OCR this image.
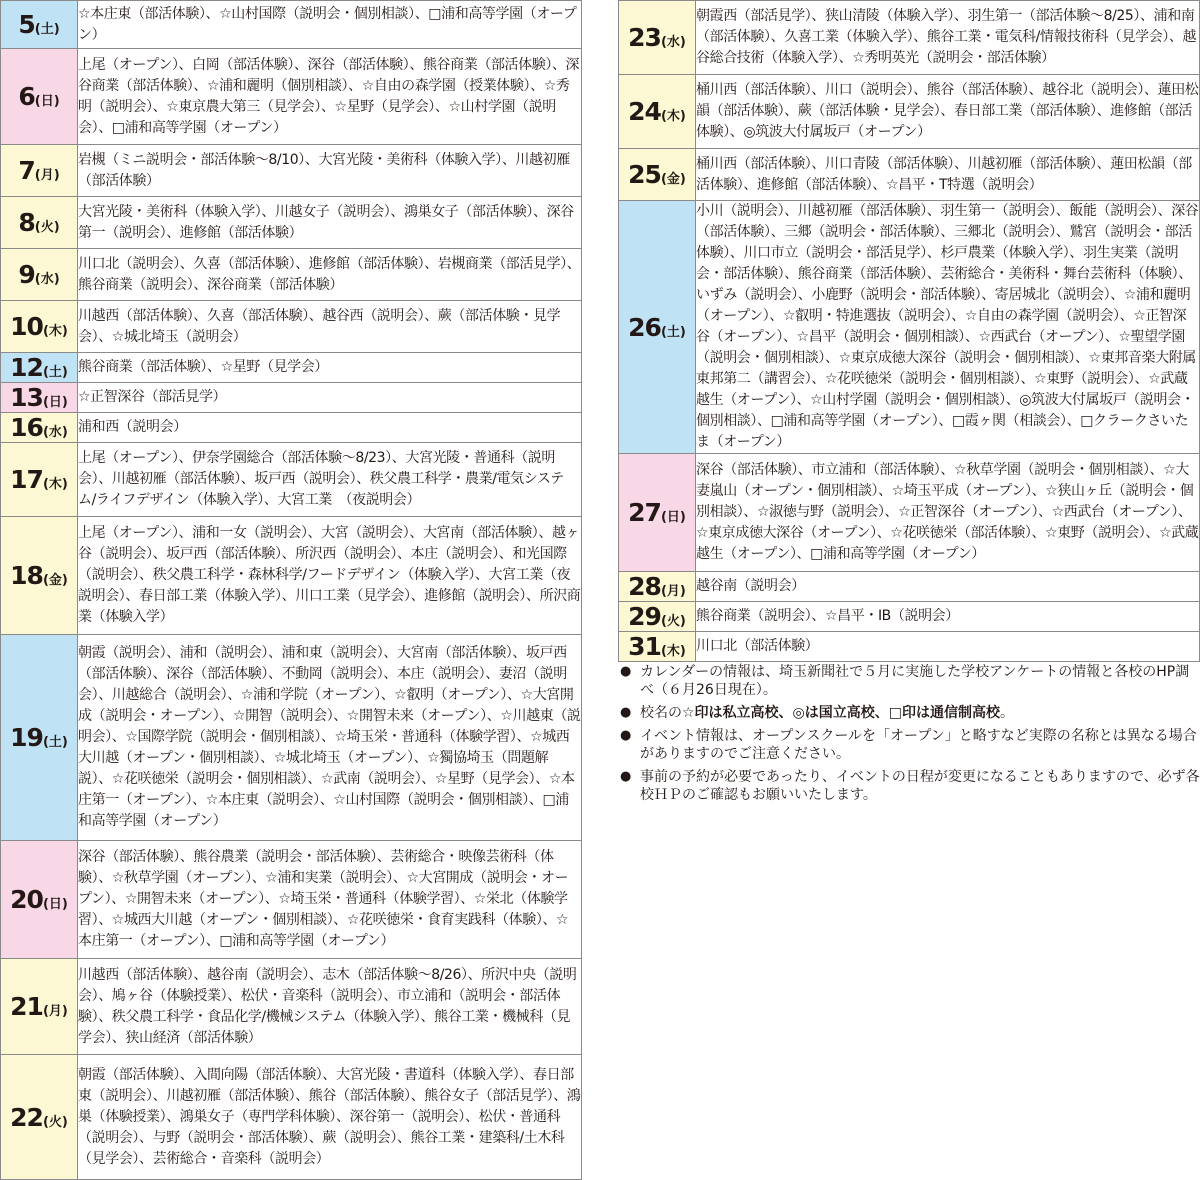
5(土)	☆本庄東（部活体験）、☆山村国際（説明会・個別相談）、□浦和高等学園（オープン）
6(日)	上尾（オープン）、白岡（部活体験）、深谷（部活体験）、熊谷商業（部活体験）、深谷商業（部活体験）、☆浦和麗明（個別相談）、☆自由の森学園（授業体験）、☆秀明（説明会）、☆東京農大第三（見学会）、☆星野（見学会）、☆山村学園（説明会）、□浦和高等学園（オープン）
7(月)	岩槻（ミニ説明会・部活体験～8/10）、大宮光陵・美術科（体験入学）、川越初雁（部活体験）
8(火)	大宮光陵・美術科（体験入学）、川越女子（説明会）、鴻巣女子（部活体験）、深谷第一（説明会）、進修館（部活体験）
9(水)	川口北（説明会）、久喜（部活体験）、進修館（部活体験）、岩槻商業（部活見学）、熊谷商業（説明会）、深谷商業（部活体験）
10(木)	川越西（部活体験）、久喜（部活体験）、越谷西（説明会）、蕨（部活体験・見学会）、☆城北埼玉（説明会）
12(土)	熊谷商業（部活体験）、☆星野（見学会）
13(日)	☆正智深谷（部活見学）
16(水)	浦和西（説明会）
17(木)	上尾（オープン）、伊奈学園総合（部活体験～8/23）、大宮光陵・普通科（説明会）、川越初雁（部活体験）、坂戸西（説明会）、秩父農工科学・農業/電気システム/ライフデザイン（体験入学）、大宮工業　（夜説明会）
18(金)	上尾（オープン）、浦和一女（説明会）、大宮（説明会）、大宮南（部活体験）、越ヶ谷（説明会）、坂戸西（部活体験）、所沢西（説明会）、本庄（説明会）、和光国際（説明会）、秩父農工科学・森林科学/フードデザイン（体験入学）、大宮工業（夜説明会）、春日部工業（体験入学）、川口工業（見学会）、進修館（説明会）、所沢商業（体験入学）
19(土)	朝霞（説明会）、浦和（説明会）、浦和東（説明会）、大宮南（部活体験）、坂戸西（部活体験）、深谷（部活体験）、不動岡（説明会）、本庄（説明会）、妻沼（説明会）、川越総合（説明会）、☆浦和学院（オープン）、☆叡明（オープン）、☆大宮開成（説明会・オープン）、☆開智（説明会）、☆開智未来（オープン）、☆川越東（説明会）、☆国際学院（説明会・個別相談）、☆埼玉栄・普通科（体験学習）、☆城西大川越（オープン・個別相談）、☆城北埼玉（オープン）、☆獨協埼玉（問題解説）、☆花咲徳栄（説明会・個別相談）、☆武南（説明会）、☆星野（見学会）、☆本庄第一（オープン）、☆本庄東（説明会）、☆山村国際（説明会・個別相談）、□浦和高等学園（オープン）
20(日)	深谷（部活体験）、熊谷農業（説明会・部活体験）、芸術総合・映像芸術科（体験）、☆秋草学園（オープン）、☆浦和実業（説明会）、☆大宮開成（説明会・オープン）、☆開智未来（オープン）、☆埼玉栄・普通科（体験学習）、☆栄北（体験学習）、☆城西大川越（オープン・個別相談）、☆花咲徳栄・食育実践科（体験）、☆本庄第一（オープン）、□浦和高等学園（オープン）
21(月)	川越西（部活体験）、越谷南（説明会）、志木（部活体験～8/26）、所沢中央（説明会）、鳩ヶ谷（体験授業）、松伏・音楽科（説明会）、市立浦和（説明会・部活体験）、秩父農工科学・食品化学/機械システム（体験入学）、熊谷工業・機械科（見学会）、狭山経済（部活体験）
22(火)	朝霞（部活体験）、入間向陽（部活体験）、大宮光陵・書道科（体験入学）、春日部東（説明会）、川越初雁（部活体験）、熊谷（部活体験）、熊谷女子（部活見学）、鴻巣（体験授業）、鴻巣女子（専門学科体験）、深谷第一（説明会）、松伏・普通科（説明会）、与野（説明会・部活体験）、蕨（説明会）、熊谷工業・建築科/土木科（見学会）、芸術総合・音楽科（説明会）
23(水)	朝霞西（部活見学）、狭山清陵（体験入学）、羽生第一（部活体験～8/25）、浦和南（部活体験）、久喜工業（体験入学）、熊谷工業・電気科/情報技術科（見学会）、越谷総合技術（体験入学）、☆秀明英光（説明会・部活体験）
24(木)	桶川西（部活体験）、川口（説明会）、熊谷（部活体験）、越谷北（説明会）、蓮田松韻（部活体験）、蕨（部活体験・見学会）、春日部工業（部活体験）、進修館（部活体験）、◎筑波大付属坂戸（オープン）
25(金)	桶川西（部活体験）、川口青陵（部活体験）、川越初雁（部活体験）、蓮田松韻（部活体験）、進修館（部活体験）、☆昌平・T特選（説明会）
26(土)	小川（説明会）、川越初雁（部活体験）、羽生第一（説明会）、飯能（説明会）、深谷（部活体験）、三郷（説明会・部活体験）、三郷北（説明会）、鷲宮（説明会・部活体験）、川口市立（説明会・部活見学）、杉戸農業（体験入学）、羽生実業（説明会・部活体験）、熊谷商業（部活体験）、芸術総合・美術科・舞台芸術科（体験）、いずみ（説明会）、小鹿野（説明会・部活体験）、寄居城北（説明会）、☆浦和麗明（オープン）、☆叡明・特進選抜（説明会）、☆自由の森学園（説明会）、☆正智深谷（オープン）、☆昌平（説明会・個別相談）、☆西武台（オープン）、☆聖望学園（説明会・個別相談）、☆東京成徳大深谷（説明会・個別相談）、☆東邦音楽大附属東邦第二（講習会）、☆花咲徳栄（説明会・個別相談）、☆東野（説明会）、☆武蔵越生（オープン）、☆山村学園（説明会・個別相談）、◎筑波大付属坂戸（説明会・個別相談）、□浦和高等学園（オープン）、□霞ヶ関（相談会）、□クラークさいたま（オープン）
27(日)	深谷（部活体験）、市立浦和（部活体験）、☆秋草学園（説明会・個別相談）、☆大妻嵐山（オープン・個別相談）、☆埼玉平成（オープン）、☆狭山ヶ丘（説明会・個別相談）、☆淑徳与野（説明会）、☆正智深谷（オープン）、☆西武台（オープン）、☆東京成徳大深谷（オープン）、☆花咲徳栄（部活体験）、☆東野（説明会）、☆武蔵越生（オープン）、□浦和高等学園（オープン）
28(月)	越谷南（説明会）
29(火)	熊谷商業（説明会）、☆昌平・IB（説明会）
31(木)	川口北（部活体験）
● カレンダーの情報は、埼玉新聞社で５月に実施した学校アンケートの情報と各校のHP調べ（６月26日現在）。
● 校名の☆印は私立高校、◎は国立高校、□印は通信制高校。
● イベント情報は、オープンスクールを「オープン」と略すなど実際の名称とは異なる場合がありますのでご注意ください。
● 事前の予約が必要であったり、イベントの日程が変更になることもありますので、必ず各校ＨＰのご確認もお願いいたします。
